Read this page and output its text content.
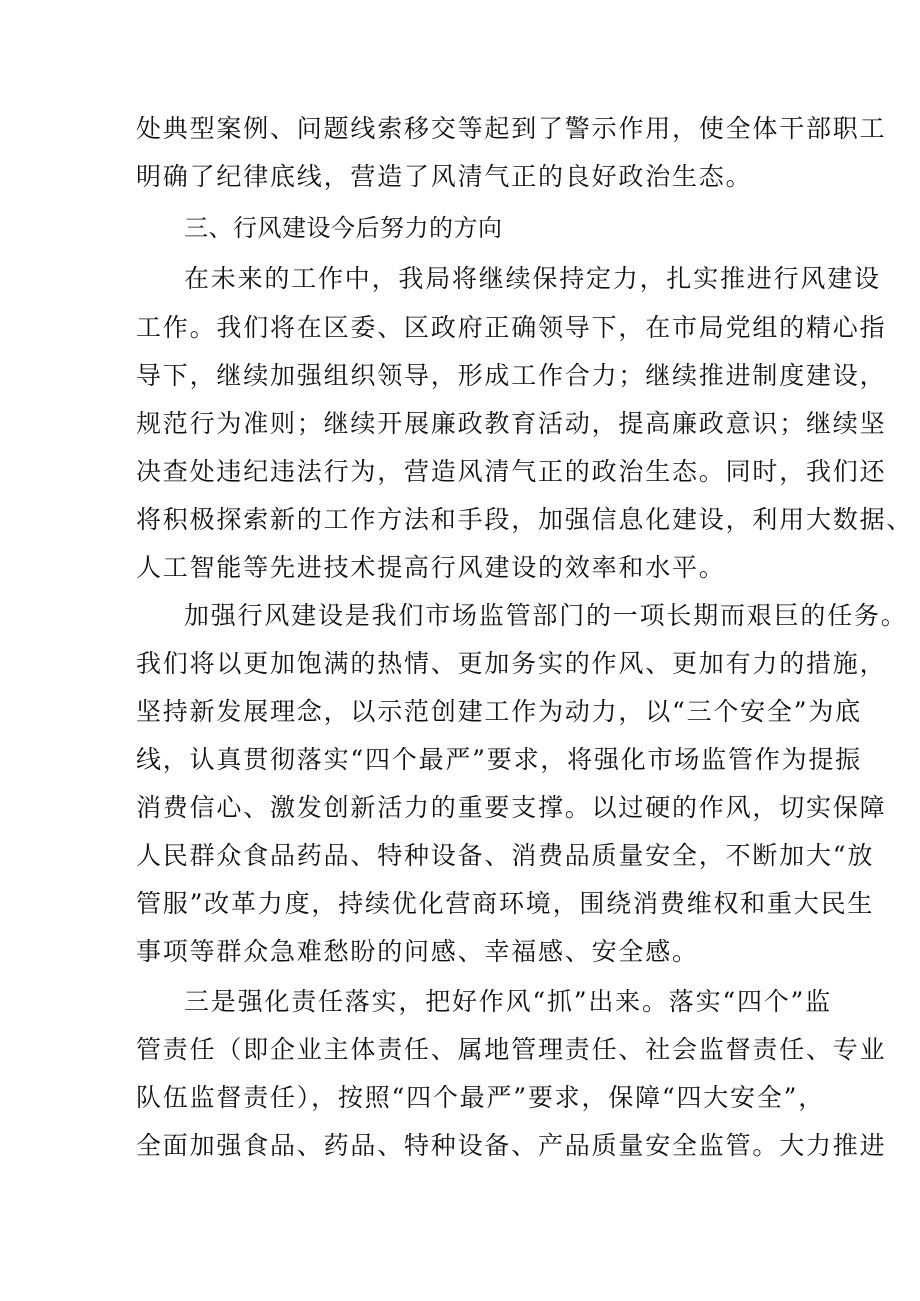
处典型案例、问题线索移交等起到了警示作用，使全体干部职工
明确了纪律底线，营造了风清气正的良好政治生态。
三、行风建设今后努力的方向
在未来的工作中，我局将继续保持定力，扎实推进行风建设
工作。我们将在区委、区政府正确领导下，在市局党组的精心指
导下，继续加强组织领导，形成工作合力；继续推进制度建设，
规范行为准则；继续开展廉政教育活动，提高廉政意识；继续坚
决查处违纪违法行为，营造风清气正的政治生态。同时，我们还
将积极探索新的工作方法和手段，加强信息化建设，利用大数据、
人工智能等先进技术提高行风建设的效率和水平。
加强行风建设是我们市场监管部门的一项长期而艰巨的任务。
我们将以更加饱满的热情、更加务实的作风、更加有力的措施，
坚持新发展理念，以示范创建工作为动力，以“三个安全”为底
线，认真贯彻落实“四个最严”要求，将强化市场监管作为提振
消费信心、激发创新活力的重要支撑。以过硬的作风，切实保障
人民群众食品药品、特种设备、消费品质量安全，不断加大“放
管服”改革力度，持续优化营商环境，围绕消费维权和重大民生
事项等群众急难愁盼的问感、幸福感、安全感。
三是强化责任落实，把好作风“抓”出来。落实“四个”监
管责任（即企业主体责任、属地管理责任、社会监督责任、专业
队伍监督责任），按照“四个最严”要求，保障“四大安全”，
全面加强食品、药品、特种设备、产品质量安全监管。大力推进
